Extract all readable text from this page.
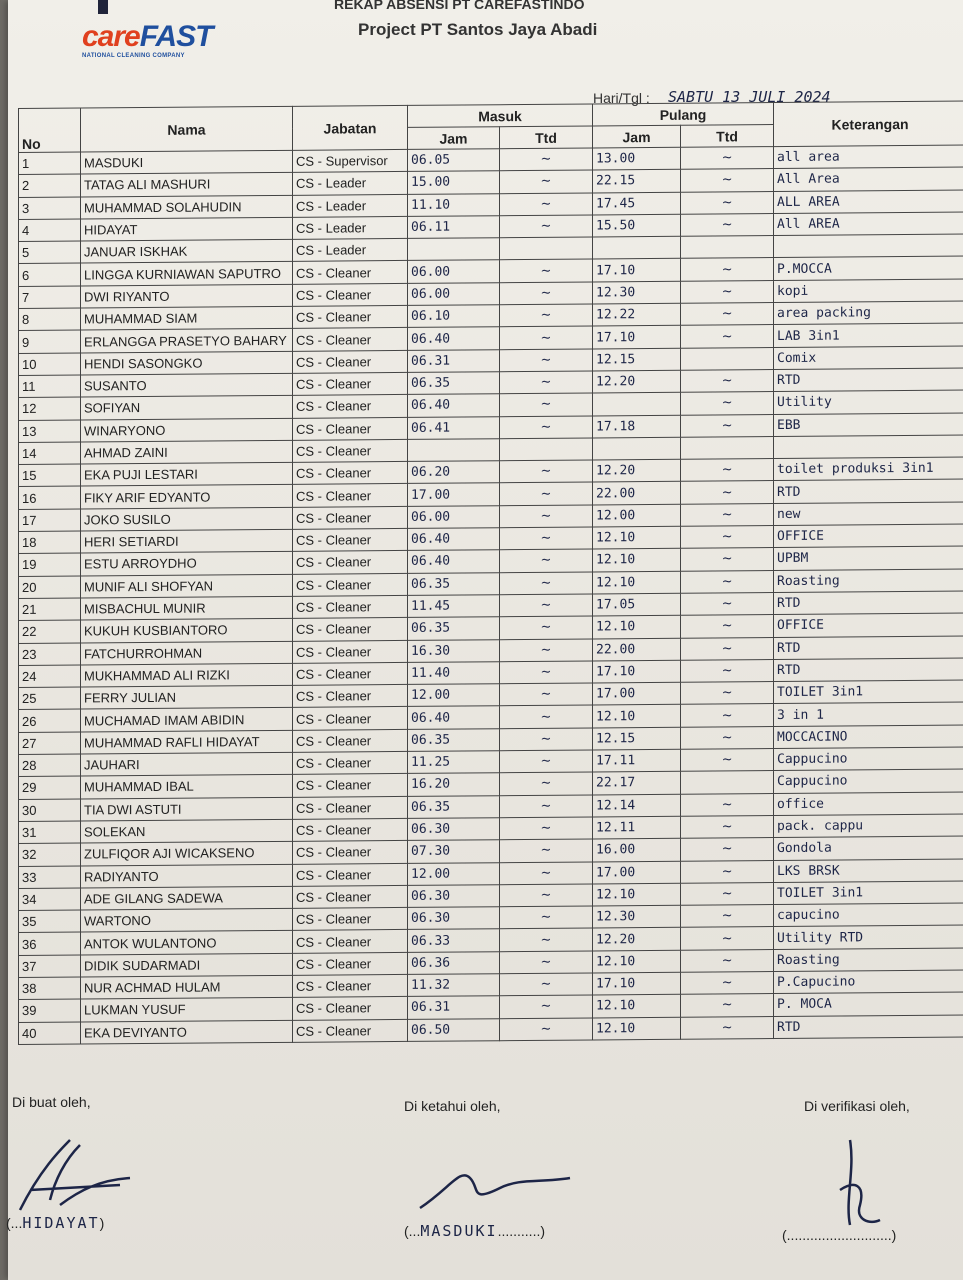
careFAST
NATIONAL CLEANING COMPANY
REKAP ABSENSI PT CAREFASTINDO
Project PT Santos Jaya Abadi
Hari/Tgl : SABTU 13 JULI 2024
No	Nama	Jabatan	Masuk		Pulang		Keterangan
			Jam	Ttd	Jam	Ttd	
1	MASDUKI	CS - Supervisor	06.05	~	13.00	~	all area
2	TATAG ALI MASHURI	CS - Leader	15.00	~	22.15	~	All Area
3	MUHAMMAD SOLAHUDIN	CS - Leader	11.10	~	17.45	~	ALL AREA
4	HIDAYAT	CS - Leader	06.11	~	15.50	~	All AREA
5	JANUAR ISKHAK	CS - Leader					
6	LINGGA KURNIAWAN SAPUTRO	CS - Cleaner	06.00	~	17.10	~	P.MOCCA
7	DWI RIYANTO	CS - Cleaner	06.00	~	12.30	~	kopi
8	MUHAMMAD SIAM	CS - Cleaner	06.10	~	12.22	~	area packing
9	ERLANGGA PRASETYO BAHARY	CS - Cleaner	06.40	~	17.10	~	LAB 3in1
10	HENDI SASONGKO	CS - Cleaner	06.31	~	12.15		Comix
11	SUSANTO	CS - Cleaner	06.35	~	12.20	~	RTD
12	SOFIYAN	CS - Cleaner	06.40	~		~	Utility
13	WINARYONO	CS - Cleaner	06.41	~	17.18	~	EBB
14	AHMAD ZAINI	CS - Cleaner					
15	EKA PUJI LESTARI	CS - Cleaner	06.20	~	12.20	~	toilet produksi 3in1
16	FIKY ARIF EDYANTO	CS - Cleaner	17.00	~	22.00	~	RTD
17	JOKO SUSILO	CS - Cleaner	06.00	~	12.00	~	new
18	HERI SETIARDI	CS - Cleaner	06.40	~	12.10	~	OFFICE
19	ESTU ARROYDHO	CS - Cleaner	06.40	~	12.10	~	UPBM
20	MUNIF ALI SHOFYAN	CS - Cleaner	06.35	~	12.10	~	Roasting
21	MISBACHUL MUNIR	CS - Cleaner	11.45	~	17.05	~	RTD
22	KUKUH KUSBIANTORO	CS - Cleaner	06.35	~	12.10	~	OFFICE
23	FATCHURROHMAN	CS - Cleaner	16.30	~	22.00	~	RTD
24	MUKHAMMAD ALI RIZKI	CS - Cleaner	11.40	~	17.10	~	RTD
25	FERRY JULIAN	CS - Cleaner	12.00	~	17.00	~	TOILET 3in1
26	MUCHAMAD IMAM ABIDIN	CS - Cleaner	06.40	~	12.10	~	3 in 1
27	MUHAMMAD RAFLI HIDAYAT	CS - Cleaner	06.35	~	12.15	~	MOCCACINO
28	JAUHARI	CS - Cleaner	11.25	~	17.11	~	Cappucino
29	MUHAMMAD IBAL	CS - Cleaner	16.20	~	22.17		Cappucino
30	TIA DWI ASTUTI	CS - Cleaner	06.35	~	12.14	~	office
31	SOLEKAN	CS - Cleaner	06.30	~	12.11	~	pack. cappu
32	ZULFIQOR AJI WICAKSENO	CS - Cleaner	07.30	~	16.00	~	Gondola
33	RADIYANTO	CS - Cleaner	12.00	~	17.00	~	LKS BRSK
34	ADE GILANG SADEWA	CS - Cleaner	06.30	~	12.10	~	TOILET 3in1
35	WARTONO	CS - Cleaner	06.30	~	12.30	~	capucino
36	ANTOK WULANTONO	CS - Cleaner	06.33	~	12.20	~	Utility RTD
37	DIDIK SUDARMADI	CS - Cleaner	06.36	~	12.10	~	Roasting
38	NUR ACHMAD HULAM	CS - Cleaner	11.32	~	17.10	~	P.Capucino
39	LUKMAN YUSUF	CS - Cleaner	06.31	~	12.10	~	P. MOCA
40	EKA DEVIYANTO	CS - Cleaner	06.50	~	12.10	~	RTD
Di buat oleh,	Di ketahui oleh,	Di verifikasi oleh,
(...HIDAYAT)	(...MASDUKI...........)	(...........................)
